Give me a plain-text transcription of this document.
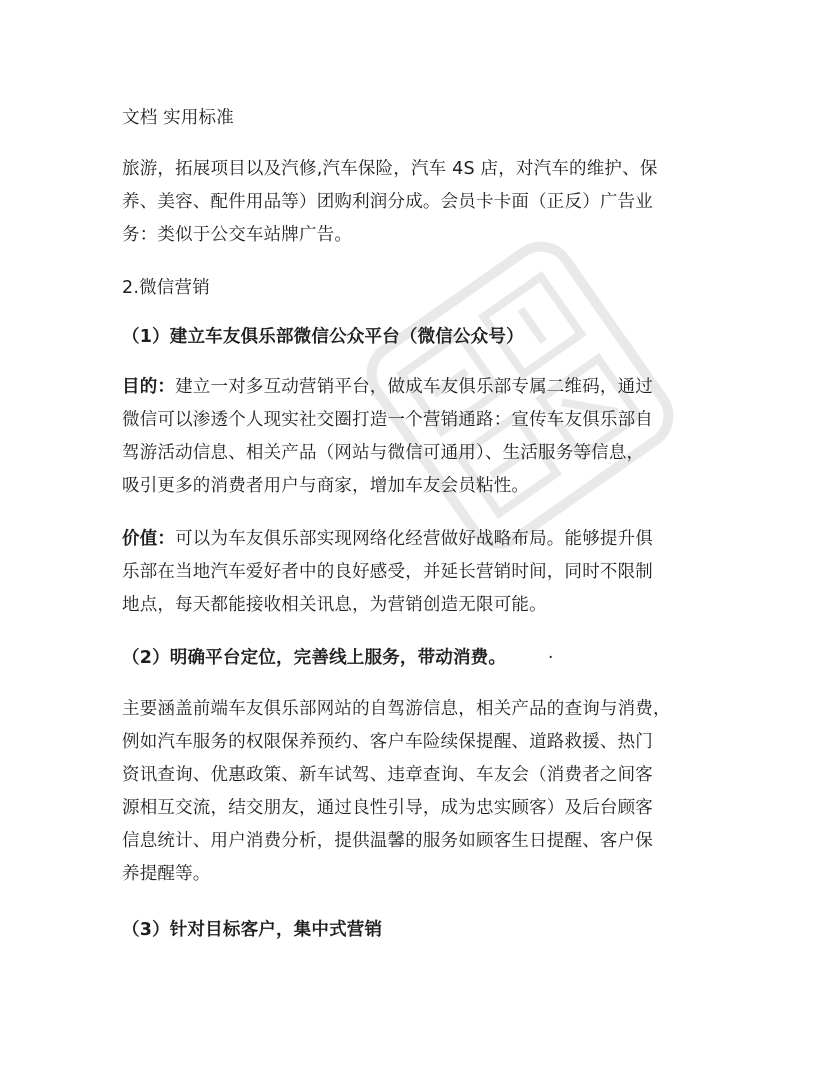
文档 实用标准
旅游，拓展项目以及汽修,汽车保险，汽车 4S 店，对汽车的维护、保
养、美容、配件用品等）团购利润分成。会员卡卡面（正反）广告业
务：类似于公交车站牌广告。
2.微信营销
（1）建立车友俱乐部微信公众平台（微信公众号）
目的：建立一对多互动营销平台，做成车友俱乐部专属二维码，通过
微信可以渗透个人现实社交圈打造一个营销通路：宣传车友俱乐部自
驾游活动信息、相关产品（网站与微信可通用）、生活服务等信息，
吸引更多的消费者用户与商家，增加车友会员粘性。
价值：可以为车友俱乐部实现网络化经营做好战略布局。能够提升俱
乐部在当地汽车爱好者中的良好感受，并延长营销时间，同时不限制
地点，每天都能接收相关讯息，为营销创造无限可能。
（2）明确平台定位，完善线上服务，带动消费。 ·
主要涵盖前端车友俱乐部网站的自驾游信息，相关产品的查询与消费，
例如汽车服务的权限保养预约、客户车险续保提醒、道路救援、热门
资讯查询、优惠政策、新车试驾、违章查询、车友会（消费者之间客
源相互交流，结交朋友，通过良性引导，成为忠实顾客）及后台顾客
信息统计、用户消费分析，提供温馨的服务如顾客生日提醒、客户保
养提醒等。
（3）针对目标客户，集中式营销
